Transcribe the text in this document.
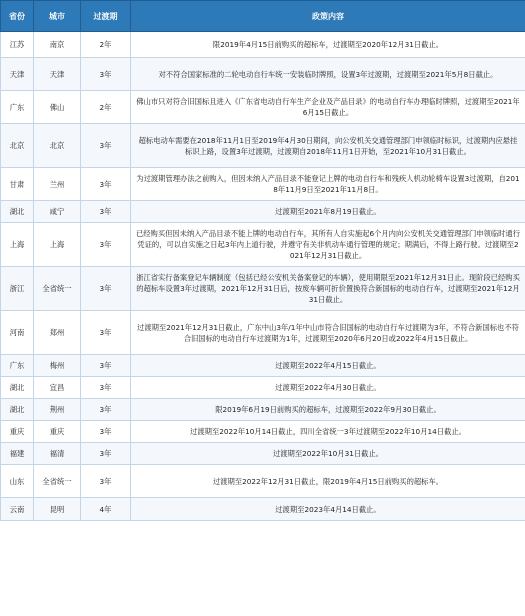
省份	城市	过渡期	政策内容
江苏	南京	2年	限2019年4月15日前购买的超标车，过渡期至2020年12月31日截止。
天津	天津	3年	对不符合国家标准的二轮电动自行车统一安装临时牌照，设置3年过渡期，过渡期至2021年5月8日截止。
广东	佛山	2年	佛山市只对符合旧国标且进入《广东省电动自行车生产企业及产品目录》的电动自行车办理临时牌照，过渡期至2021年6月15日截止。
北京	北京	3年	超标电动车需要在2018年11月1日至2019年4月30日期间，向公安机关交通管理部门申领临时标识，过渡期内应悬挂标识上路，设置3年过渡期，过渡期自2018年11月1日开始，至2021年10月31日截止。
甘肃	兰州	3年	为过渡期管理办法之前购入，但因未纳入产品目录不能登记上牌的电动自行车和残疾人机动轮椅车设置3过渡期，自2018年11月9日至2021年11月8日。
湖北	咸宁	3年	过渡期至2021年8月19日截止。
上海	上海	3年	已经购买但因未纳入产品目录不能上牌的电动自行车，其所有人自实施起6个月内向公安机关交通管理部门申领临时通行凭证的，可以自实施之日起3年内上道行驶，并遵守有关非机动车通行管理的规定；期满后，不得上路行驶。过渡期至2021年12月31日截止。
浙江	全省统一	3年	浙江省实行备案登记车辆制度（包括已经公安机关备案登记的车辆），使用期限至2021年12月31日止。现阶段已经购买的超标车设置3年过渡期，2021年12月31日后，按废车辆可折价置换符合新国标的电动自行车，过渡期至2021年12月31日截止。
河南	郑州	3年	过渡期至2021年12月31日截止，广东中山3年/1年中山市符合旧国标的电动自行车过渡期为3年，不符合新国标也不符合旧国标的电动自行车过渡期为1年，过渡期至2020年6月20日或2022年4月15日截止。
广东	梅州	3年	过渡期至2022年4月15日截止。
湖北	宜昌	3年	过渡期至2022年4月30日截止。
湖北	荆州	3年	限2019年6月19日前购买的超标车，过渡期至2022年9月30日截止。
重庆	重庆	3年	过渡期至2022年10月14日截止，四川全省统一3年过渡期至2022年10月14日截止。
福建	福清	3年	过渡期至2022年10月31日截止。
山东	全省统一	3年	过渡期至2022年12月31日截止，限2019年4月15日前购买的超标车。
云南	昆明	4年	过渡期至2023年4月14日截止。
